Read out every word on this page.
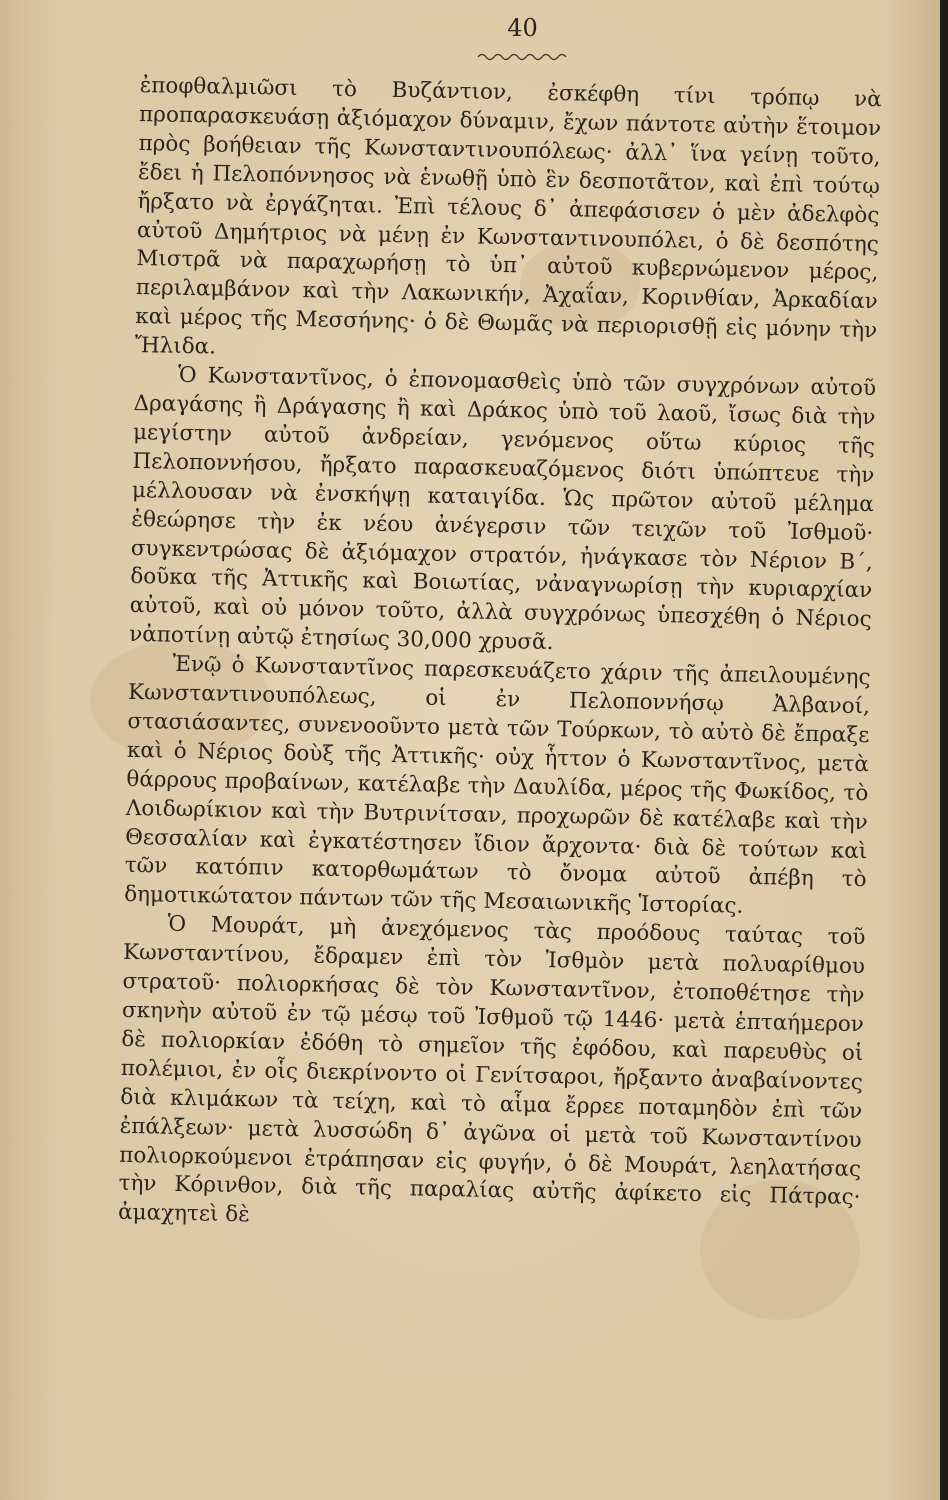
40

ἐποφθαλμιῶσι τὸ Βυζάντιον, ἐσκέφθη τίνι τρόπῳ νὰ προπαρασκευάσῃ ἀξιόμαχον δύναμιν, ἔχων πάντοτε αὐτὴν ἕτοιμον πρὸς βοήθειαν τῆς Κωνσταντινουπόλεως· ἀλλ᾽ ἵνα γείνῃ τοῦτο, ἔδει ἡ Πελοπόννησος νὰ ἑνωθῇ ὑπὸ ἓν δεσποτᾶτον, καὶ ἐπὶ τούτῳ ἤρξατο νὰ ἐργάζηται. Ἐπὶ τέλους δ᾽ ἀπεφάσισεν ὁ μὲν ἀδελφὸς αὐτοῦ Δημήτριος νὰ μένῃ ἐν Κωνσταντινουπόλει, ὁ δὲ δεσπότης Μιστρᾶ νὰ παραχωρήσῃ τὸ ὑπ᾽ αὐτοῦ κυβερνώμενον μέρος, περιλαμβάνον καὶ τὴν Λακωνικήν, Ἀχαΐαν, Κορινθίαν, Ἀρκαδίαν καὶ μέρος τῆς Μεσσήνης· ὁ δὲ Θωμᾶς νὰ περιορισθῇ εἰς μόνην τὴν Ἤλιδα.

Ὁ Κωνσταντῖνος, ὁ ἐπονομασθεὶς ὑπὸ τῶν συγχρόνων αὐτοῦ Δραγάσης ἢ Δράγασης ἢ καὶ Δράκος ὑπὸ τοῦ λαοῦ, ἴσως διὰ τὴν μεγίστην αὐτοῦ ἀνδρείαν, γενόμενος οὕτω κύριος τῆς Πελοποννήσου, ἤρξατο παρασκευαζόμενος διότι ὑπώπτευε τὴν μέλλουσαν νὰ ἐνσκήψῃ καταιγίδα. Ὡς πρῶτον αὐτοῦ μέλημα ἐθεώρησε τὴν ἐκ νέου ἀνέγερσιν τῶν τειχῶν τοῦ Ἰσθμοῦ· συγκεντρώσας δὲ ἀξιόμαχον στρατόν, ἠνάγκασε τὸν Νέριον Β΄, δοῦκα τῆς Ἀττικῆς καὶ Βοιωτίας, νἀναγνωρίσῃ τὴν κυριαρχίαν αὐτοῦ, καὶ οὐ μόνον τοῦτο, ἀλλὰ συγχρόνως ὑπεσχέθη ὁ Νέριος νἀποτίνῃ αὐτῷ ἐτησίως 30,000 χρυσᾶ.

Ἐνῷ ὁ Κωνσταντῖνος παρεσκευάζετο χάριν τῆς ἀπειλουμένης Κωνσταντινουπόλεως, οἱ ἐν Πελοποννήσῳ Ἀλβανοί, στασιάσαντες, συνενοοῦντο μετὰ τῶν Τούρκων, τὸ αὐτὸ δὲ ἔπραξε καὶ ὁ Νέριος δοὺξ τῆς Ἀττικῆς· οὐχ ἧττον ὁ Κωνσταντῖνος, μετὰ θάρρους προβαίνων, κατέλαβε τὴν Δαυλίδα, μέρος τῆς Φωκίδος, τὸ Λοιδωρίκιον καὶ τὴν Βυτρινίτσαν, προχωρῶν δὲ κατέλαβε καὶ τὴν Θεσσαλίαν καὶ ἐγκατέστησεν ἴδιον ἄρχοντα· διὰ δὲ τούτων καὶ τῶν κατόπιν κατορθωμάτων τὸ ὄνομα αὐτοῦ ἀπέβη τὸ δημοτικώτατον πάντων τῶν τῆς Μεσαιωνικῆς Ἱστορίας.

Ὁ Μουράτ, μὴ ἀνεχόμενος τὰς προόδους ταύτας τοῦ Κωνσταντίνου, ἔδραμεν ἐπὶ τὸν Ἰσθμὸν μετὰ πολυαρίθμου στρατοῦ· πολιορκήσας δὲ τὸν Κωνσταντῖνον, ἐτοποθέτησε τὴν σκηνὴν αὐτοῦ ἐν τῷ μέσῳ τοῦ Ἰσθμοῦ τῷ 1446· μετὰ ἑπταήμερον δὲ πολιορκίαν ἐδόθη τὸ σημεῖον τῆς ἐφόδου, καὶ παρευθὺς οἱ πολέμιοι, ἐν οἷς διεκρίνοντο οἱ Γενίτσαροι, ἤρξαντο ἀναβαίνοντες διὰ κλιμάκων τὰ τείχη, καὶ τὸ αἷμα ἔρρεε ποταμηδὸν ἐπὶ τῶν ἐπάλξεων· μετὰ λυσσώδη δ᾽ ἀγῶνα οἱ μετὰ τοῦ Κωνσταντίνου πολιορκούμενοι ἐτράπησαν εἰς φυγήν, ὁ δὲ Μουράτ, λεηλατήσας τὴν Κόρινθον, διὰ τῆς παραλίας αὐτῆς ἀφίκετο εἰς Πάτρας· ἀμαχητεὶ δὲ
